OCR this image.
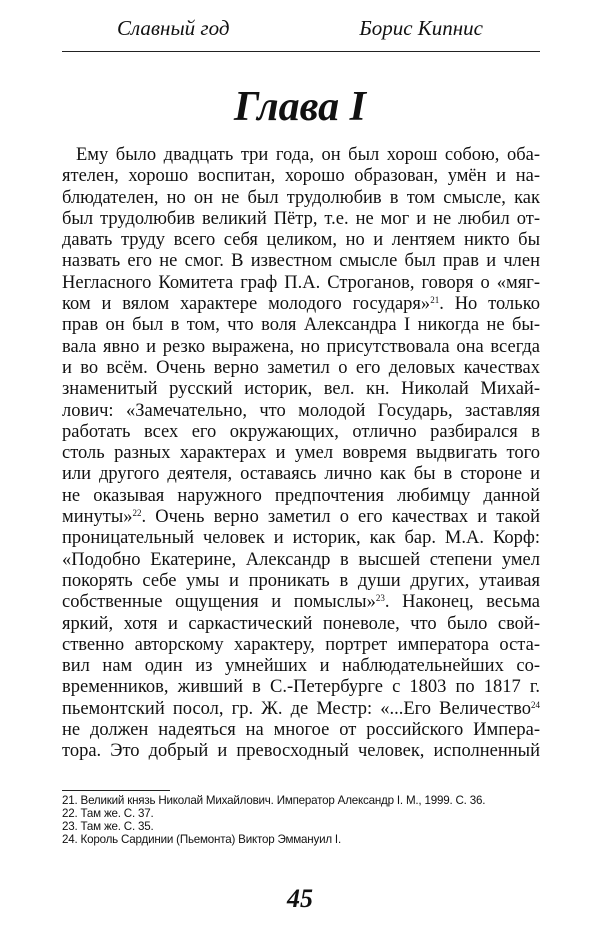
Славный год	Борис Кипнис
Глава I
Ему было двадцать три года, он был хорош собою, оба-
ятелен, хорошо воспитан, хорошо образован, умён и на-
блюдателен, но он не был трудолюбив в том смысле, как
был трудолюбив великий Пётр, т.е. не мог и не любил от-
давать труду всего себя целиком, но и лентяем никто бы
назвать его не смог. В известном смысле был прав и член
Негласного Комитета граф П.А. Строганов, говоря о «мяг-
ком и вялом характере молодого государя»$^{21}$. Но только
прав он был в том, что воля Александра I никогда не бы-
вала явно и резко выражена, но присутствовала она всегда
и во всём. Очень верно заметил о его деловых качествах
знаменитый русский историк, вел. кн. Николай Михай-
лович: «Замечательно, что молодой Государь, заставляя
работать всех его окружающих, отлично разбирался в
столь разных характерах и умел вовремя выдвигать того
или другого деятеля, оставаясь лично как бы в стороне и
не оказывая наружного предпочтения любимцу данной
минуты»$^{22}$. Очень верно заметил о его качествах и такой
проницательный человек и историк, как бар. М.А. Корф:
«Подобно Екатерине, Александр в высшей степени умел
покорять себе умы и проникать в души других, утаивая
собственные ощущения и помыслы»$^{23}$. Наконец, весьма
яркий, хотя и саркастический поневоле, что было свой-
ственно авторскому характеру, портрет императора оста-
вил нам один из умнейших и наблюдательнейших со-
временников, живший в С.-Петербурге с 1803 по 1817 г.
пьемонтский посол, гр. Ж. де Местр: «...Его Величество$^{24}$
не должен надеяться на многое от российского Импера-
тора. Это добрый и превосходный человек, исполненный
21. Великий князь Николай Михайлович. Император Александр I. М., 1999. С. 36.
22. Там же. С. 37.
23. Там же. С. 35.
24. Король Сардинии (Пьемонта) Виктор Эммануил I.
45
